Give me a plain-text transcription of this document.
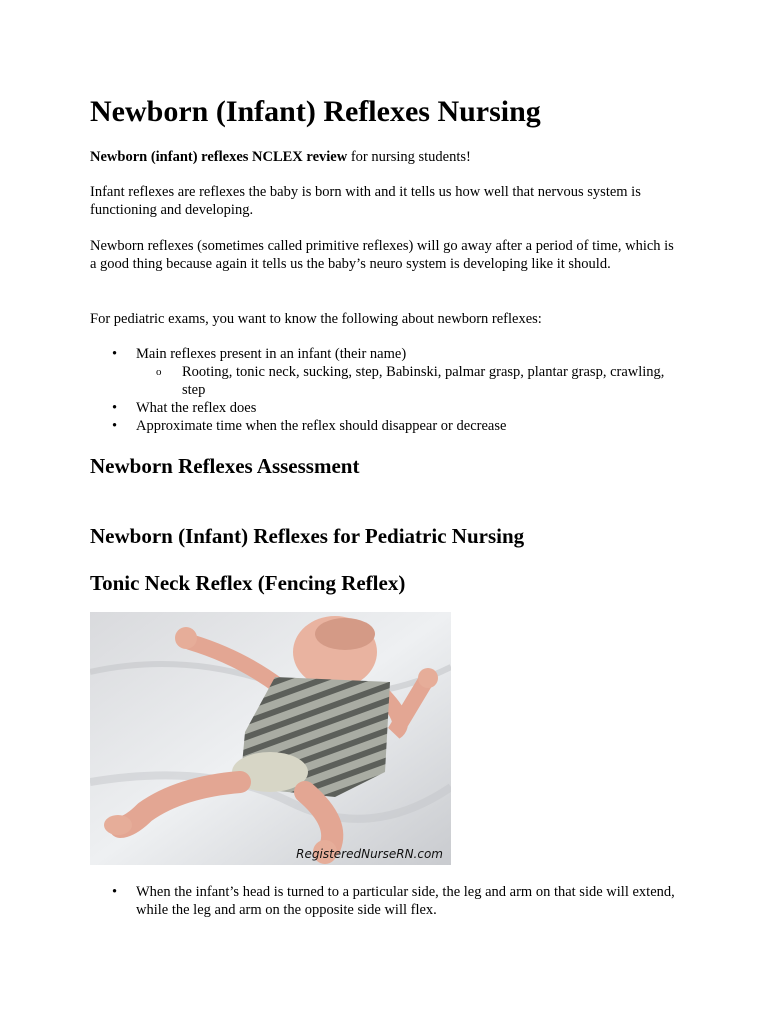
Newborn (Infant) Reflexes Nursing

Newborn (infant) reflexes NCLEX review for nursing students!

Infant reflexes are reflexes the baby is born with and it tells us how well that nervous system is functioning and developing.

Newborn reflexes (sometimes called primitive reflexes) will go away after a period of time, which is a good thing because again it tells us the baby’s neuro system is developing like it should.

For pediatric exams, you want to know the following about newborn reflexes:

• Main reflexes present in an infant (their name)
o Rooting, tonic neck, sucking, step, Babinski, palmar grasp, plantar grasp, crawling, step
• What the reflex does
• Approximate time when the reflex should disappear or decrease
Newborn Reflexes Assessment
Newborn (Infant) Reflexes for Pediatric Nursing
Tonic Neck Reflex (Fencing Reflex)
RegisteredNurseRN.com
• When the infant’s head is turned to a particular side, the leg and arm on that side will extend, while the leg and arm on the opposite side will flex.
